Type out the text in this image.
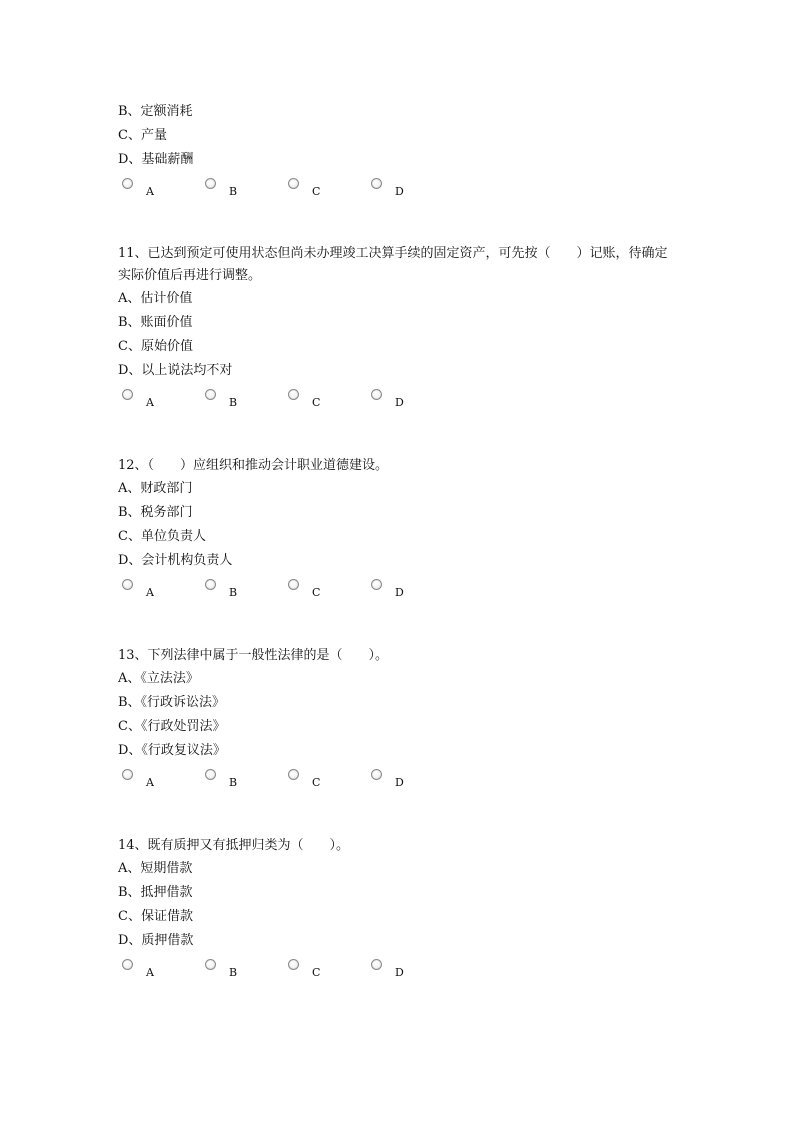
B、定额消耗
C、产量
D、基础薪酬
A	B	C	D
11、已达到预定可使用状态但尚未办理竣工决算手续的固定资产，可先按（　　）记账，待确定实际价值后再进行调整。
A、估计价值
B、账面价值
C、原始价值
D、以上说法均不对
A	B	C	D
12、（　　）应组织和推动会计职业道德建设。
A、财政部门
B、税务部门
C、单位负责人
D、会计机构负责人
A	B	C	D
13、下列法律中属于一般性法律的是（　　）。
A、《立法法》
B、《行政诉讼法》
C、《行政处罚法》
D、《行政复议法》
A	B	C	D
14、既有质押又有抵押归类为（　　）。
A、短期借款
B、抵押借款
C、保证借款
D、质押借款
A	B	C	D
